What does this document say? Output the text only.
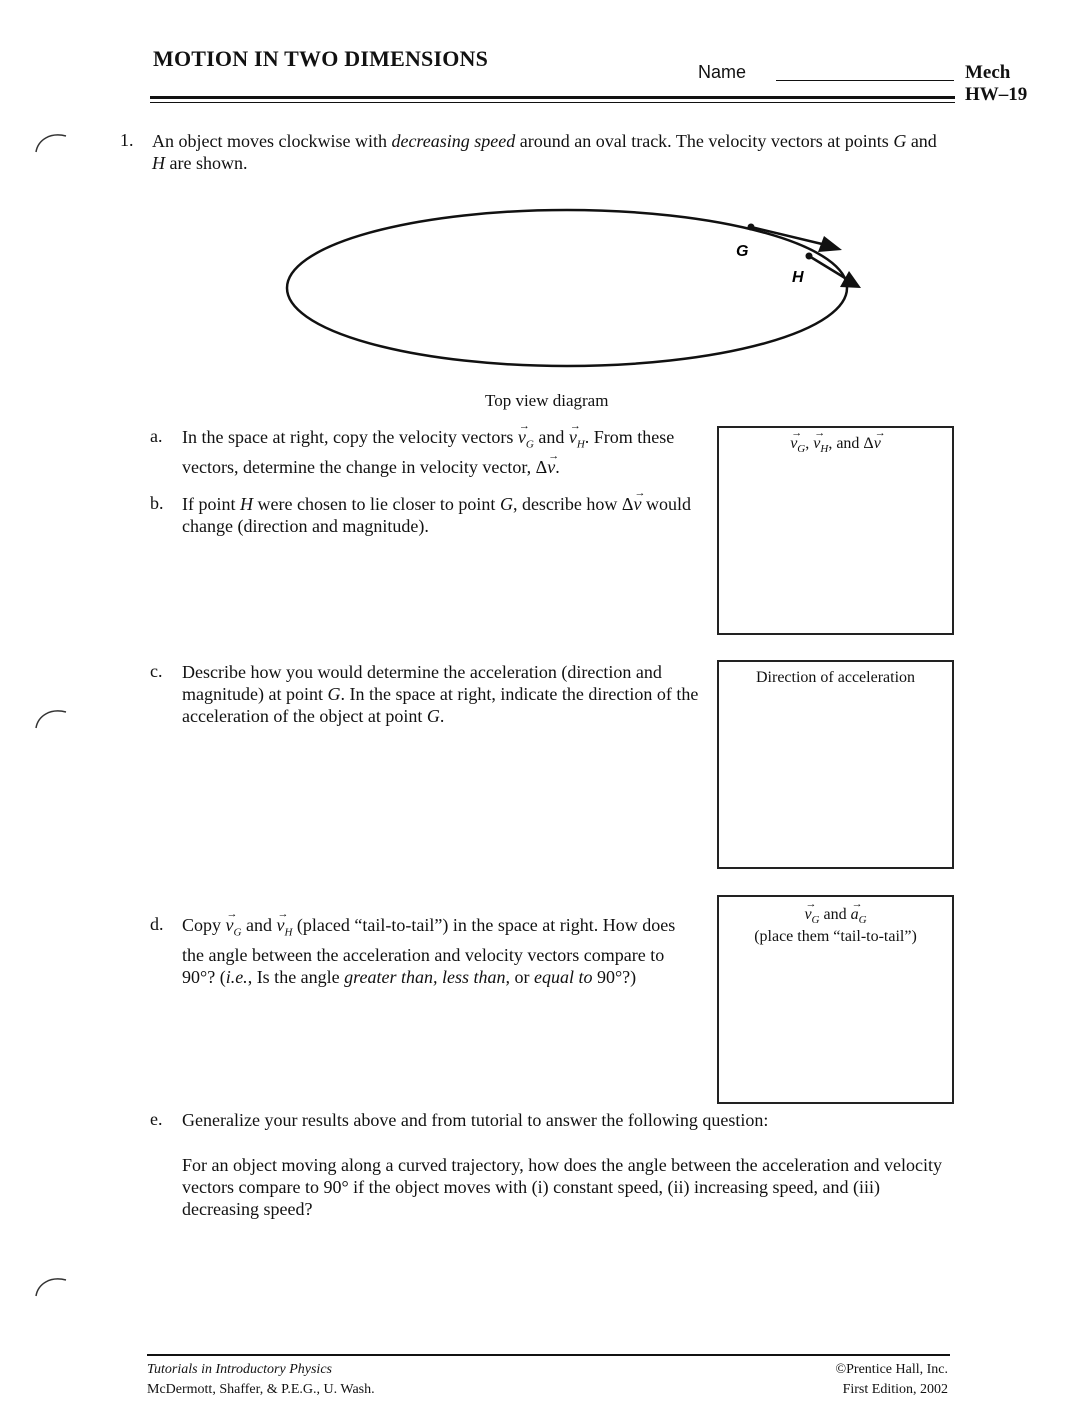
MOTION IN TWO DIMENSIONS
Name	Mech
HW–19
1. An object moves clockwise with decreasing speed around an oval track. The velocity vectors at points G and H are shown.
G
H
Top view diagram
a. In the space at right, copy the velocity vectors → $v_G$ and → $v_H$. From these vectors, determine the change in velocity vector, Δ→ v.
b. If point H were chosen to lie closer to point G, describe how Δ→ v would change (direction and magnitude).
→ $v_G$, → $v_H$, and Δ→ v
c. Describe how you would determine the acceleration (direction and magnitude) at point G. In the space at right, indicate the direction of the acceleration of the object at point G.
Direction of acceleration
d. Copy → $v_G$ and → $v_H$ (placed “tail-to-tail”) in the space at right. How does the angle between the acceleration and velocity vectors compare to 90°? (i.e., Is the angle greater than, less than, or equal to 90°?)
→ $v_G$ and → $a_G$
(place them “tail-to-tail”)
e. Generalize your results above and from tutorial to answer the following question:
For an object moving along a curved trajectory, how does the angle between the acceleration and velocity vectors compare to 90° if the object moves with (i) constant speed, (ii) increasing speed, and (iii) decreasing speed?
Tutorials in Introductory Physics
McDermott, Shaffer, & P.E.G., U. Wash.
©Prentice Hall, Inc.
First Edition, 2002
